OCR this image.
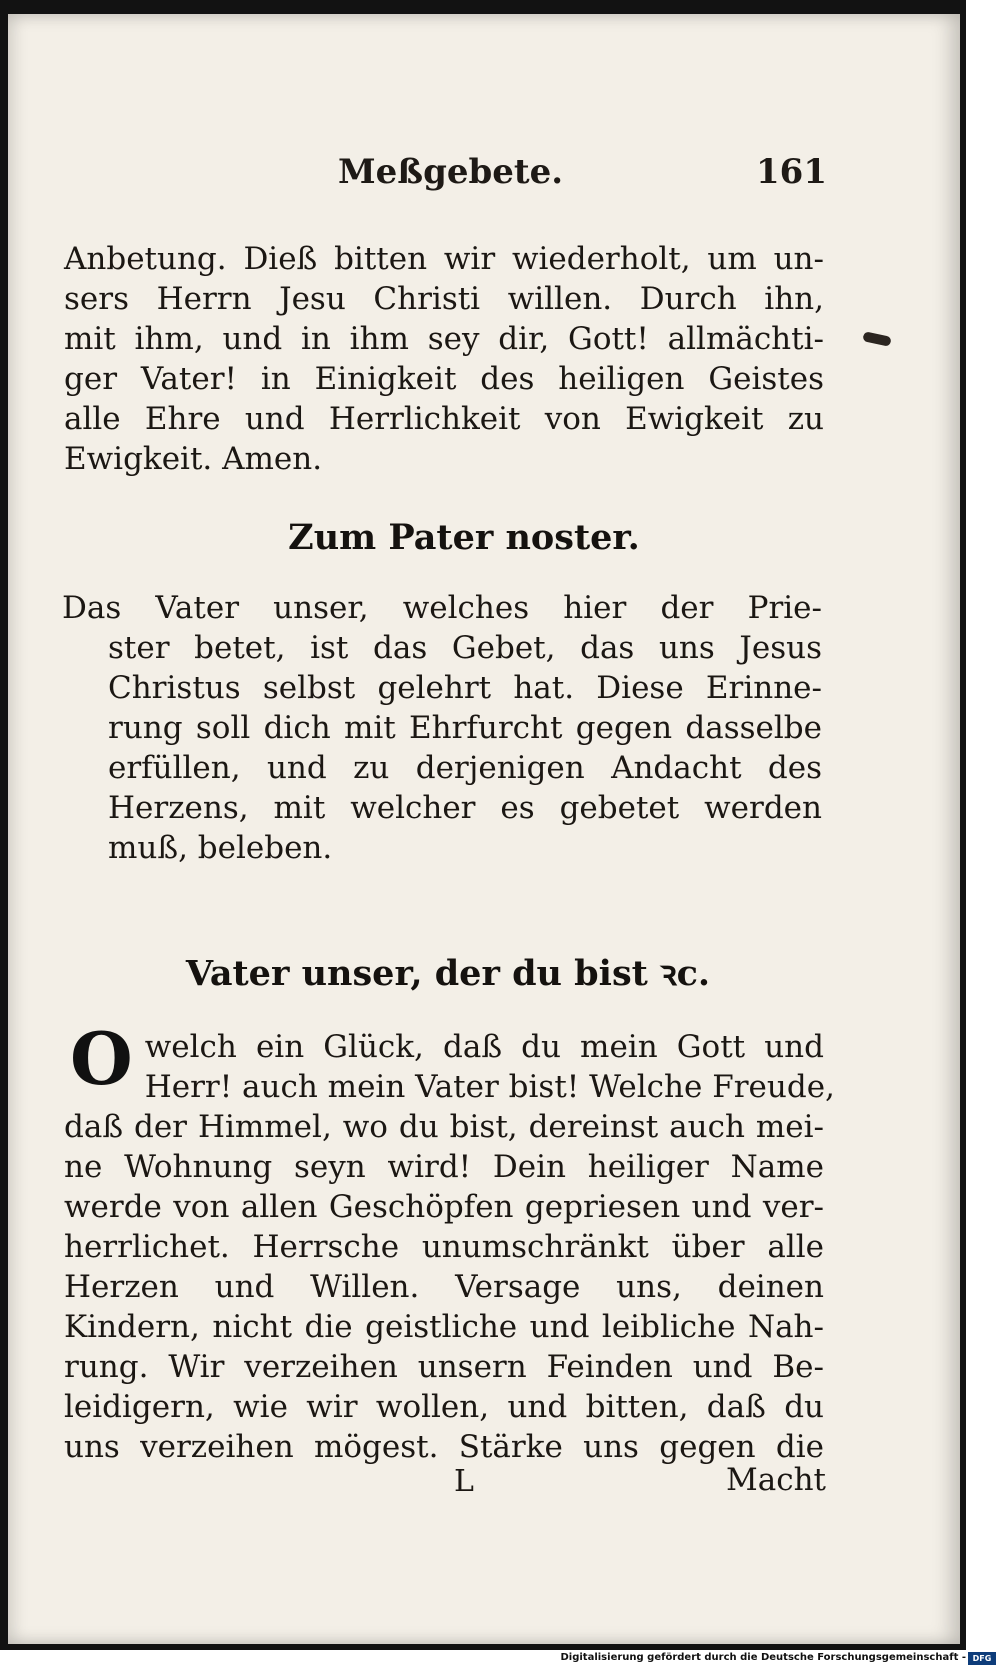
Meßgebete.	161
Anbetung. Dieß bitten wir wiederholt, um un-
sers Herrn Jesu Christi willen. Durch ihn,
mit ihm, und in ihm sey dir, Gott! allmächti-
ger Vater! in Einigkeit des heiligen Geistes
alle Ehre und Herrlichkeit von Ewigkeit zu
Ewigkeit. Amen.
Zum Pater noster.
Das Vater unser, welches hier der Prie-
ster betet, ist das Gebet, das uns Jesus
Christus selbst gelehrt hat. Diese Erinne-
rung soll dich mit Ehrfurcht gegen dasselbe
erfüllen, und zu derjenigen Andacht des
Herzens, mit welcher es gebetet werden
muß, beleben.
Vater unser, der du bist ꝛc.
O welch ein Glück, daß du mein Gott und
Herr! auch mein Vater bist! Welche Freude,
daß der Himmel, wo du bist, dereinst auch mei-
ne Wohnung seyn wird! Dein heiliger Name
werde von allen Geschöpfen gepriesen und ver-
herrlichet. Herrsche unumschränkt über alle
Herzen und Willen. Versage uns, deinen
Kindern, nicht die geistliche und leibliche Nah-
rung. Wir verzeihen unsern Feinden und Be-
leidigern, wie wir wollen, und bitten, daß du
uns verzeihen mögest. Stärke uns gegen die
L	Macht
Digitalisierung gefördert durch die Deutsche Forschungsgemeinschaft - DFG
